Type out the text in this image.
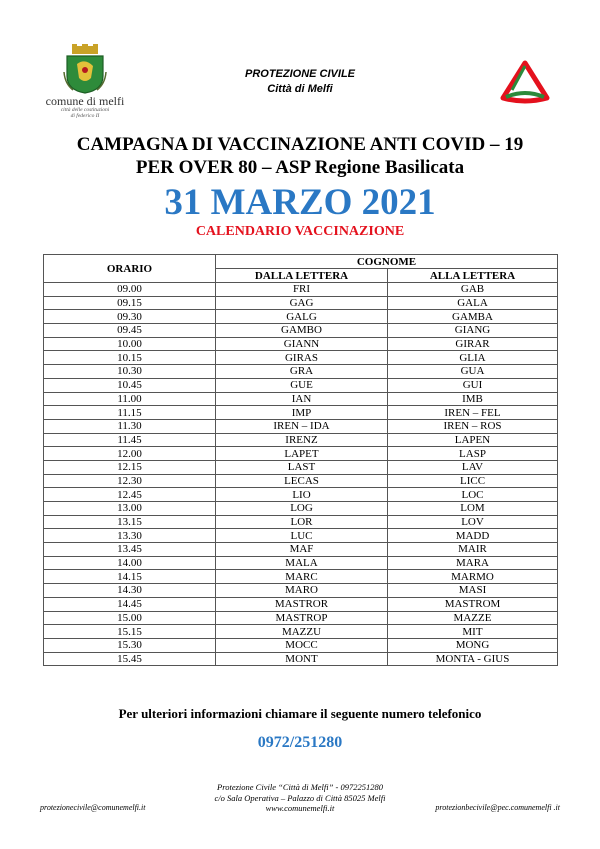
comune di melfi
città delle costituzioni
di federico II
PROTEZIONE CIVILE
Città di Melfi
CAMPAGNA DI VACCINAZIONE ANTI COVID – 19
PER OVER 80 – ASP Regione Basilicata
31 MARZO 2021
CALENDARIO VACCINAZIONE
ORARIO	COGNOME	
	DALLA LETTERA	ALLA LETTERA
09.00	FRI	GAB
09.15	GAG	GALA
09.30	GALG	GAMBA
09.45	GAMBO	GIANG
10.00	GIANN	GIRAR
10.15	GIRAS	GLIA
10.30	GRA	GUA
10.45	GUE	GUI
11.00	IAN	IMB
11.15	IMP	IREN – FEL
11.30	IREN – IDA	IREN – ROS
11.45	IRENZ	LAPEN
12.00	LAPET	LASP
12.15	LAST	LAV
12.30	LECAS	LICC
12.45	LIO	LOC
13.00	LOG	LOM
13.15	LOR	LOV
13.30	LUC	MADD
13.45	MAF	MAIR
14.00	MALA	MARA
14.15	MARC	MARMO
14.30	MARO	MASI
14.45	MASTROR	MASTROM
15.00	MASTROP	MAZZE
15.15	MAZZU	MIT
15.30	MOCC	MONG
15.45	MONT	MONTA - GIUS
Per ulteriori informazioni chiamare il seguente numero telefonico
0972/251280
Protezione Civile “Città di Melfi” - 0972251280
c/o Sala Operativa – Palazzo di Città 85025 Melfi
www.comunemelfi.it
protezionecivile@comunemelfi.it	protezionbecivile@pec.comunemelfi .it
